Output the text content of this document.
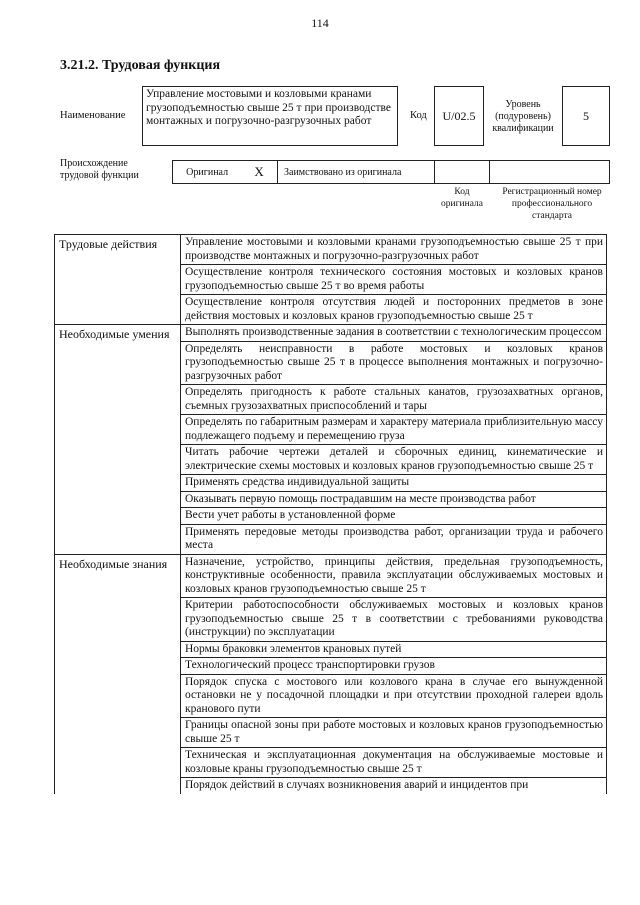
114
3.21.2. Трудовая функция
Наименование
Управление мостовыми и козловыми кранами грузоподъемностью свыше 25 т при производстве монтажных и погрузочно-разгрузочных работ	Код	U/02.5
Уровень (подуровень) квалификации
5
Происхождение трудовой функции	Оригинал X Заимствовано из оригинала
Код оригинала
Регистрационный номер профессионального стандарта
Трудовые действия	Управление мостовыми и козловыми кранами грузоподъемностью свыше 25 т при производстве монтажных и погрузочно-разгрузочных работ
Осуществление контроля технического состояния мостовых и козловых кранов грузоподъемностью свыше 25 т во время работы
Осуществление контроля отсутствия людей и посторонних предметов в зоне действия мостовых и козловых кранов грузоподъемностью свыше 25 т
Необходимые умения	Выполнять производственные задания в соответствии с технологическим процессом
Определять неисправности в работе мостовых и козловых кранов грузоподъемностью свыше 25 т в процессе выполнения монтажных и погрузочно-разгрузочных работ
Определять пригодность к работе стальных канатов, грузозахватных органов, съемных грузозахватных приспособлений и тары
Определять по габаритным размерам и характеру материала приблизительную массу подлежащего подъему и перемещению груза
Читать рабочие чертежи деталей и сборочных единиц, кинематические и электрические схемы мостовых и козловых кранов грузоподъемностью свыше 25 т
Применять средства индивидуальной защиты
Оказывать первую помощь пострадавшим на месте производства работ
Вести учет работы в установленной форме
Применять передовые методы производства работ, организации труда и рабочего места
Необходимые знания	Назначение, устройство, принципы действия, предельная грузоподъемность, конструктивные особенности, правила эксплуатации обслуживаемых мостовых и козловых кранов грузоподъемностью свыше 25 т
Критерии работоспособности обслуживаемых мостовых и козловых кранов грузоподъемностью свыше 25 т в соответствии с требованиями руководства (инструкции) по эксплуатации
Нормы браковки элементов крановых путей
Технологический процесс транспортировки грузов
Порядок спуска с мостового или козлового крана в случае его вынужденной остановки не у посадочной площадки и при отсутствии проходной галереи вдоль кранового пути
Границы опасной зоны при работе мостовых и козловых кранов грузоподъемностью свыше 25 т
Техническая и эксплуатационная документация на обслуживаемые мостовые и козловые краны грузоподъемностью свыше 25 т
Порядок действий в случаях возникновения аварий и инцидентов при
